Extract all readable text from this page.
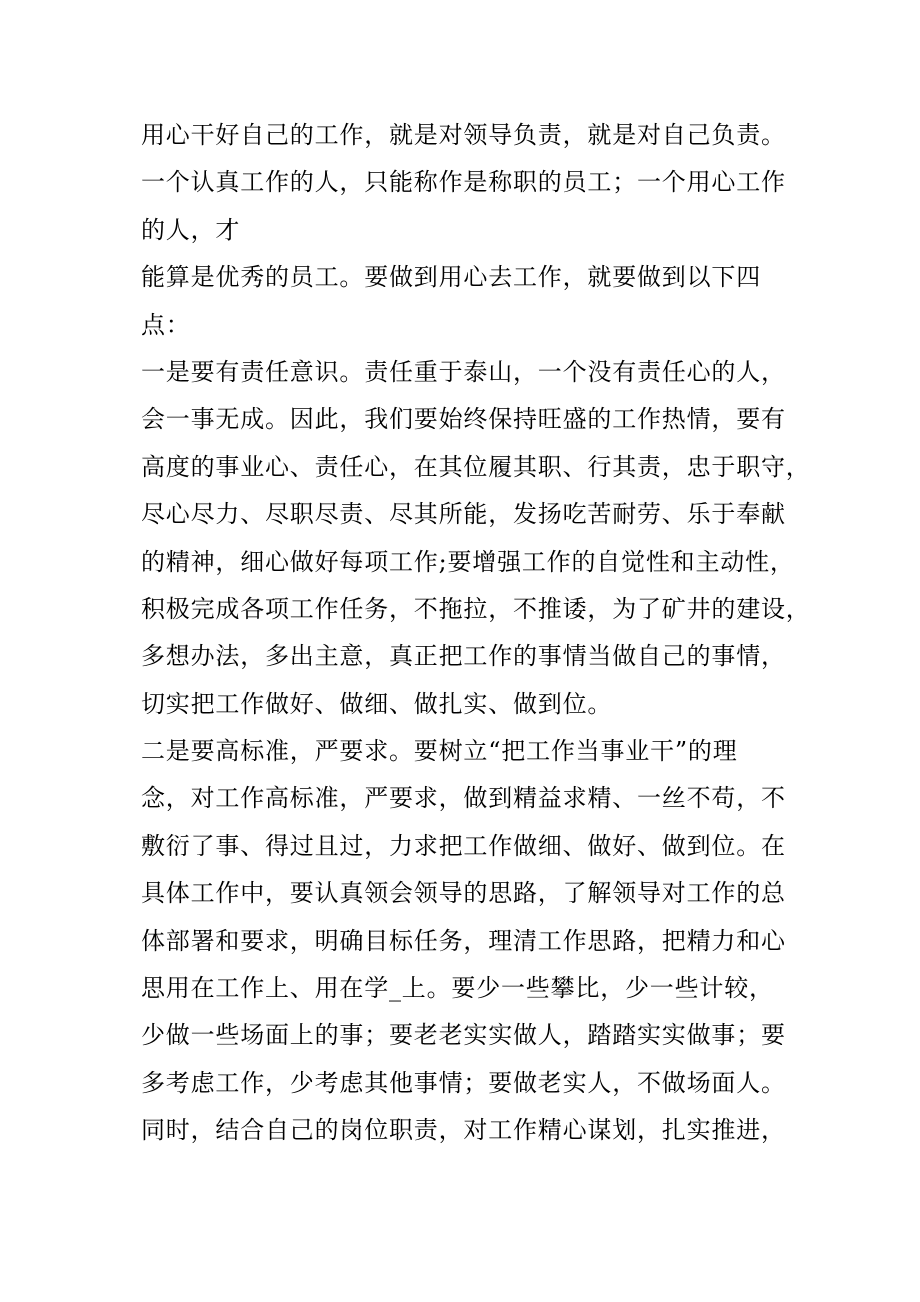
用心干好自己的工作，就是对领导负责，就是对自己负责。
一个认真工作的人，只能称作是称职的员工；一个用心工作
的人，才
能算是优秀的员工。要做到用心去工作，就要做到以下四
点：
一是要有责任意识。责任重于泰山，一个没有责任心的人，
会一事无成。因此，我们要始终保持旺盛的工作热情，要有
高度的事业心、责任心，在其位履其职、行其责，忠于职守，
尽心尽力、尽职尽责、尽其所能，发扬吃苦耐劳、乐于奉献
的精神，细心做好每项工作;要增强工作的自觉性和主动性，
积极完成各项工作任务，不拖拉，不推诿，为了矿井的建设，
多想办法，多出主意，真正把工作的事情当做自己的事情，
切实把工作做好、做细、做扎实、做到位。
二是要高标准，严要求。要树立“把工作当事业干”的理
念，对工作高标准，严要求，做到精益求精、一丝不苟，不
敷衍了事、得过且过，力求把工作做细、做好、做到位。在
具体工作中，要认真领会领导的思路，了解领导对工作的总
体部署和要求，明确目标任务，理清工作思路，把精力和心
思用在工作上、用在学_上。要少一些攀比，少一些计较，
少做一些场面上的事；要老老实实做人，踏踏实实做事；要
多考虑工作，少考虑其他事情；要做老实人，不做场面人。
同时，结合自己的岗位职责，对工作精心谋划，扎实推进，
